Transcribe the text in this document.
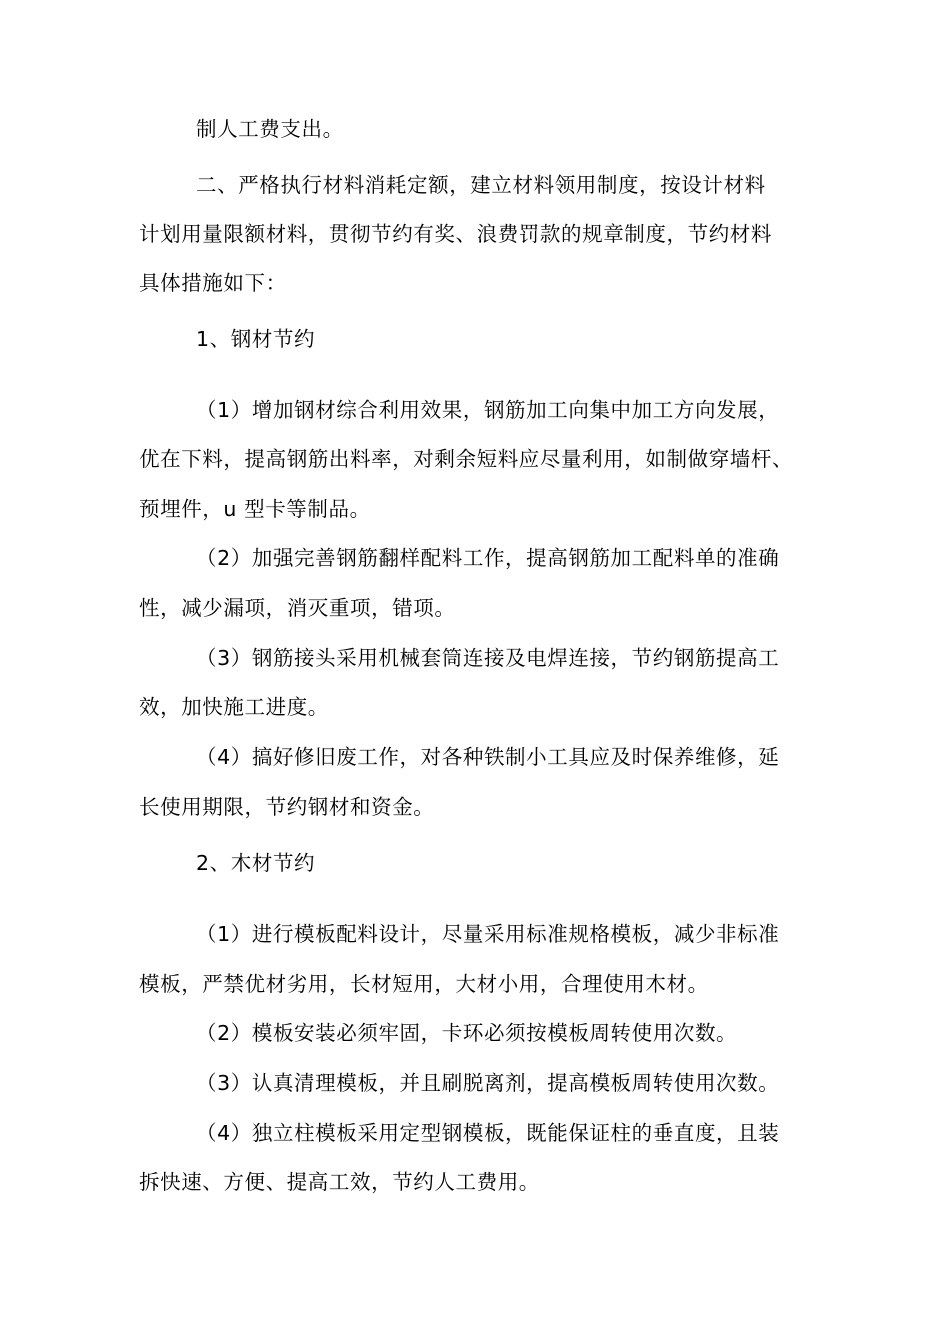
制人工费支出。
二、严格执行材料消耗定额，建立材料领用制度，按设计材料
计划用量限额材料，贯彻节约有奖、浪费罚款的规章制度，节约材料
具体措施如下：
1、钢材节约
（1）增加钢材综合利用效果，钢筋加工向集中加工方向发展，
优在下料，提高钢筋出料率，对剩余短料应尽量利用，如制做穿墙杆、
预埋件，u 型卡等制品。
（2）加强完善钢筋翻样配料工作，提高钢筋加工配料单的准确
性，减少漏项，消灭重项，错项。
（3）钢筋接头采用机械套筒连接及电焊连接，节约钢筋提高工
效，加快施工进度。
（4）搞好修旧废工作，对各种铁制小工具应及时保养维修，延
长使用期限，节约钢材和资金。
2、木材节约
（1）进行模板配料设计，尽量采用标准规格模板，减少非标准
模板，严禁优材劣用，长材短用，大材小用，合理使用木材。
（2）模板安装必须牢固，卡环必须按模板周转使用次数。
（3）认真清理模板，并且刷脱离剂，提高模板周转使用次数。
（4）独立柱模板采用定型钢模板，既能保证柱的垂直度，且装
拆快速、方便、提高工效，节约人工费用。
